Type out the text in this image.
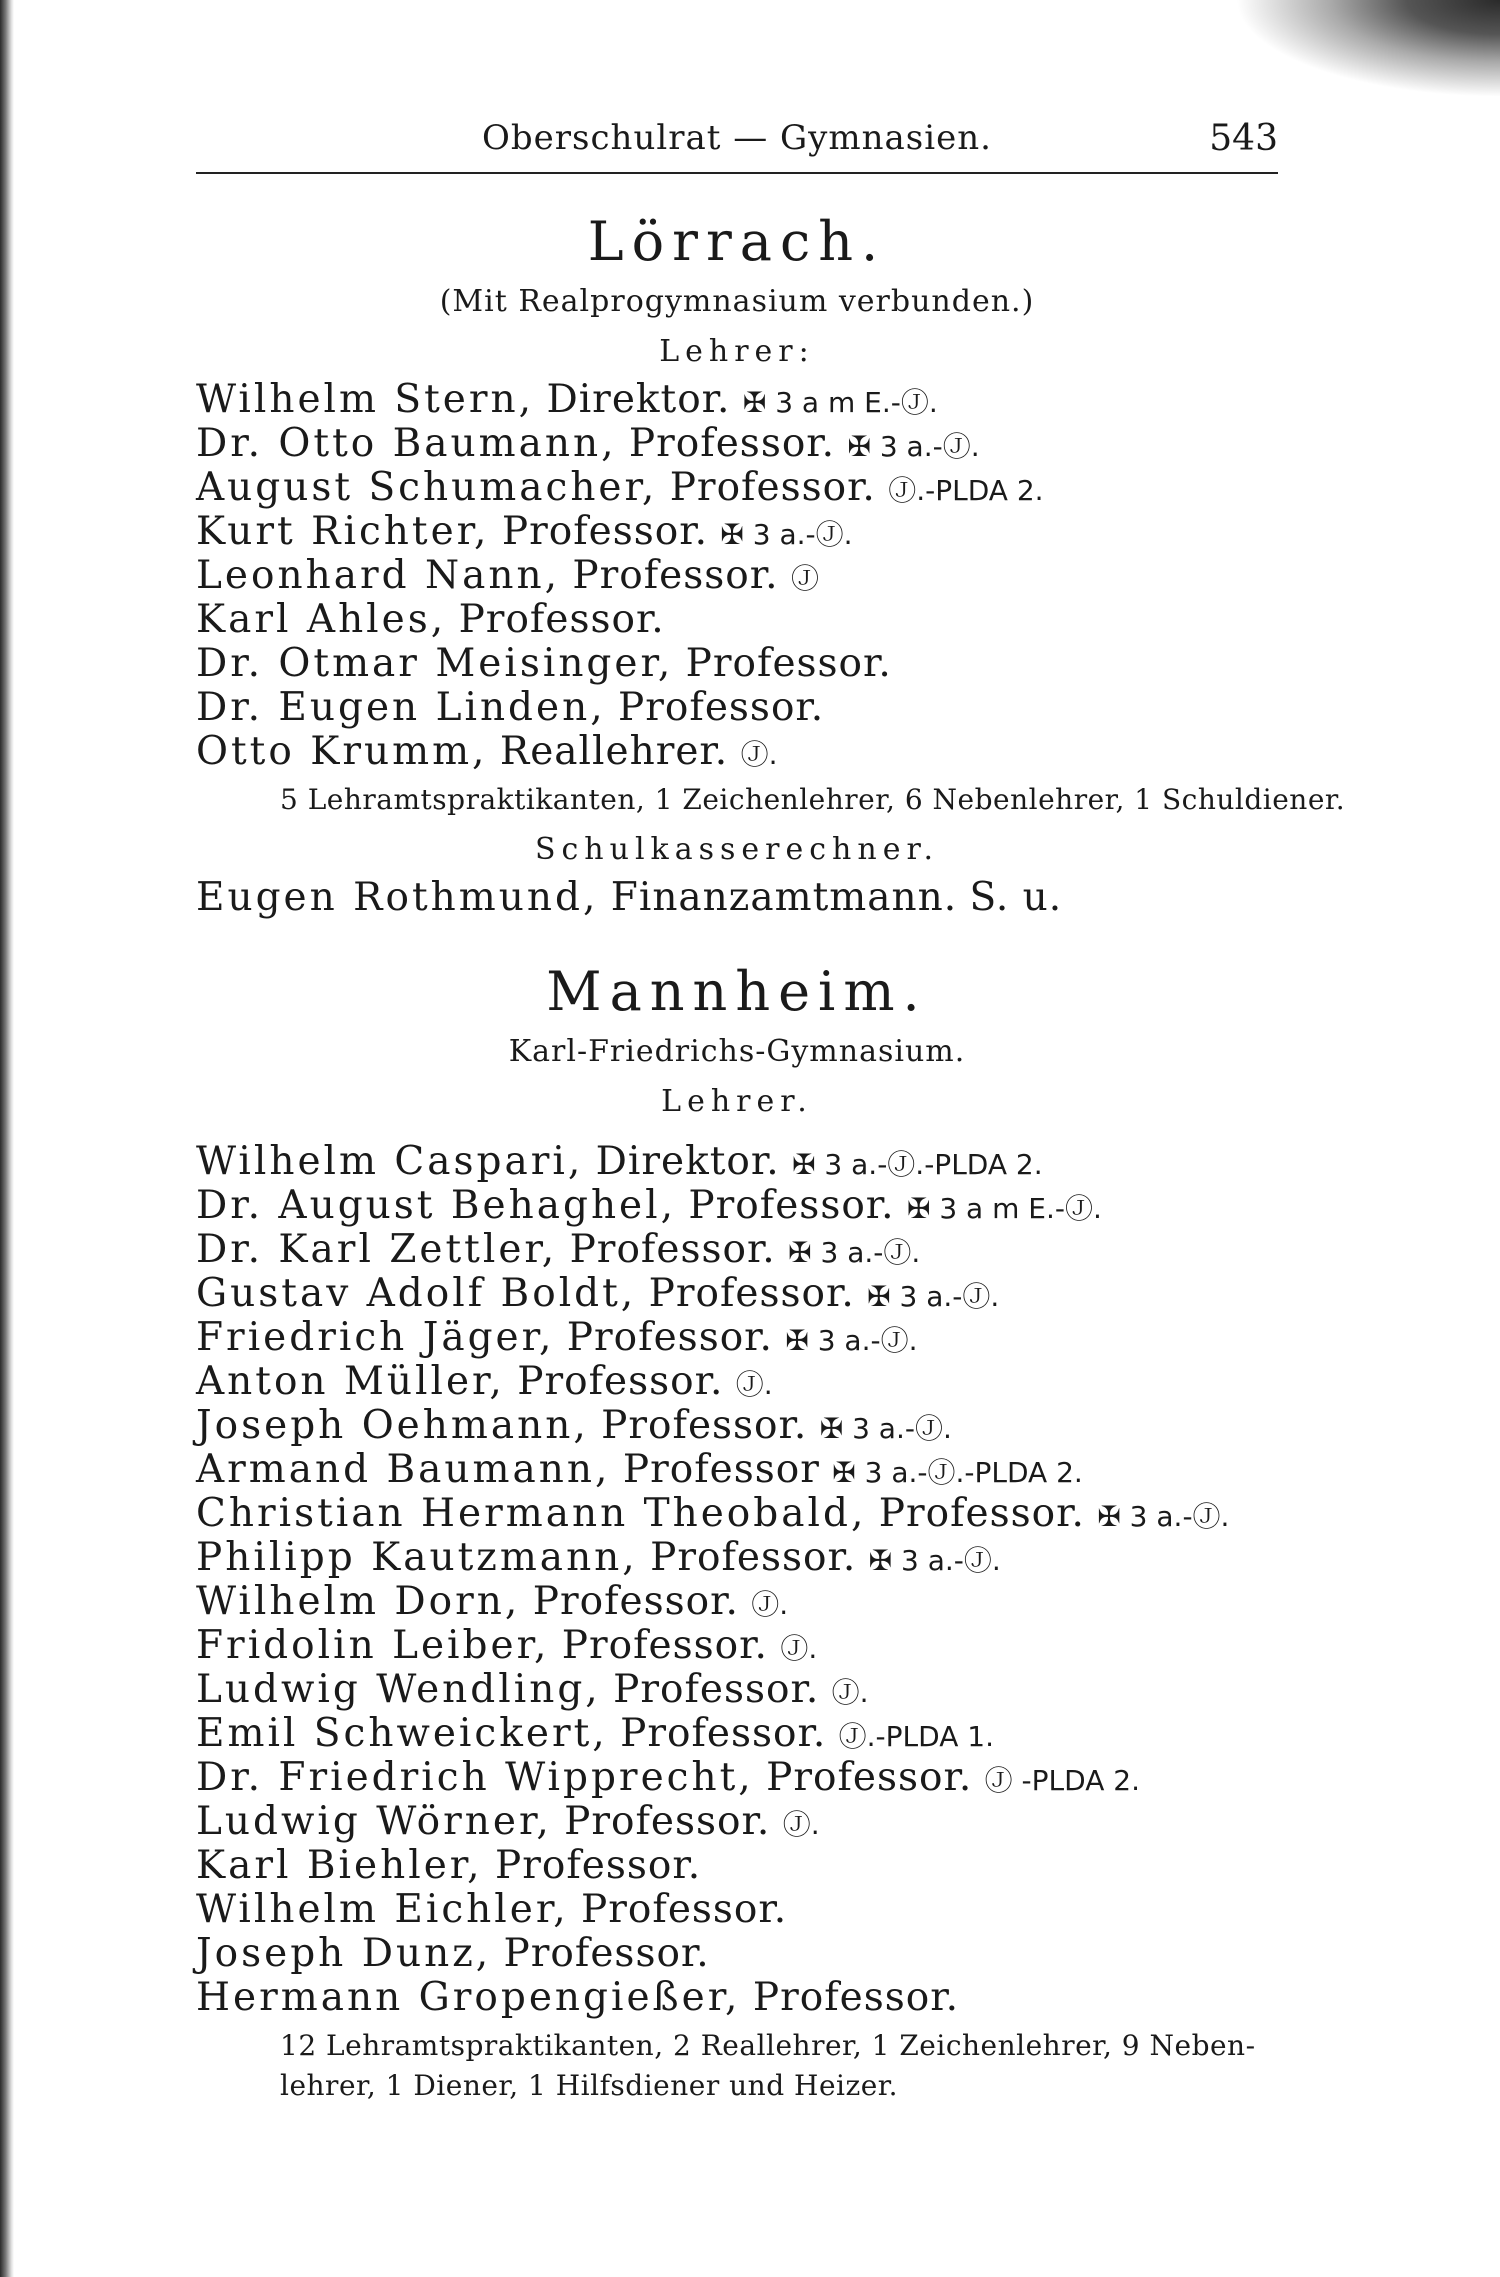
Oberschulrat — Gymnasien.	543
Lörrach.
(Mit Realprogymnasium verbunden.)
Lehrer:
Wilhelm Stern, Direktor. ✠ 3 a m E.-Ⓙ.
Dr. Otto Baumann, Professor. ✠ 3 a.-Ⓙ.
August Schumacher, Professor. Ⓙ.-PLDA 2.
Kurt Richter, Professor. ✠ 3 a.-Ⓙ.
Leonhard Nann, Professor. Ⓙ
Karl Ahles, Professor.
Dr. Otmar Meisinger, Professor.
Dr. Eugen Linden, Professor.
Otto Krumm, Reallehrer. Ⓙ.
5 Lehramtspraktikanten, 1 Zeichenlehrer, 6 Nebenlehrer, 1 Schuldiener.
Schulkasserechner.
Eugen Rothmund, Finanzamtmann. S. u.
Mannheim.
Karl-Friedrichs-Gymnasium.
Lehrer.
Wilhelm Caspari, Direktor. ✠ 3 a.-Ⓙ.-PLDA 2.
Dr. August Behaghel, Professor. ✠ 3 a m E.-Ⓙ.
Dr. Karl Zettler, Professor. ✠ 3 a.-Ⓙ.
Gustav Adolf Boldt, Professor. ✠ 3 a.-Ⓙ.
Friedrich Jäger, Professor. ✠ 3 a.-Ⓙ.
Anton Müller, Professor. Ⓙ.
Joseph Oehmann, Professor. ✠ 3 a.-Ⓙ.
Armand Baumann, Professor ✠ 3 a.-Ⓙ.-PLDA 2.
Christian Hermann Theobald, Professor. ✠ 3 a.-Ⓙ.
Philipp Kautzmann, Professor. ✠ 3 a.-Ⓙ.
Wilhelm Dorn, Professor. Ⓙ.
Fridolin Leiber, Professor. Ⓙ.
Ludwig Wendling, Professor. Ⓙ.
Emil Schweickert, Professor. Ⓙ.-PLDA 1.
Dr. Friedrich Wipprecht, Professor. Ⓙ -PLDA 2.
Ludwig Wörner, Professor. Ⓙ.
Karl Biehler, Professor.
Wilhelm Eichler, Professor.
Joseph Dunz, Professor.
Hermann Gropengießer, Professor.
12 Lehramtspraktikanten, 2 Reallehrer, 1 Zeichenlehrer, 9 Neben-
lehrer, 1 Diener, 1 Hilfsdiener und Heizer.
